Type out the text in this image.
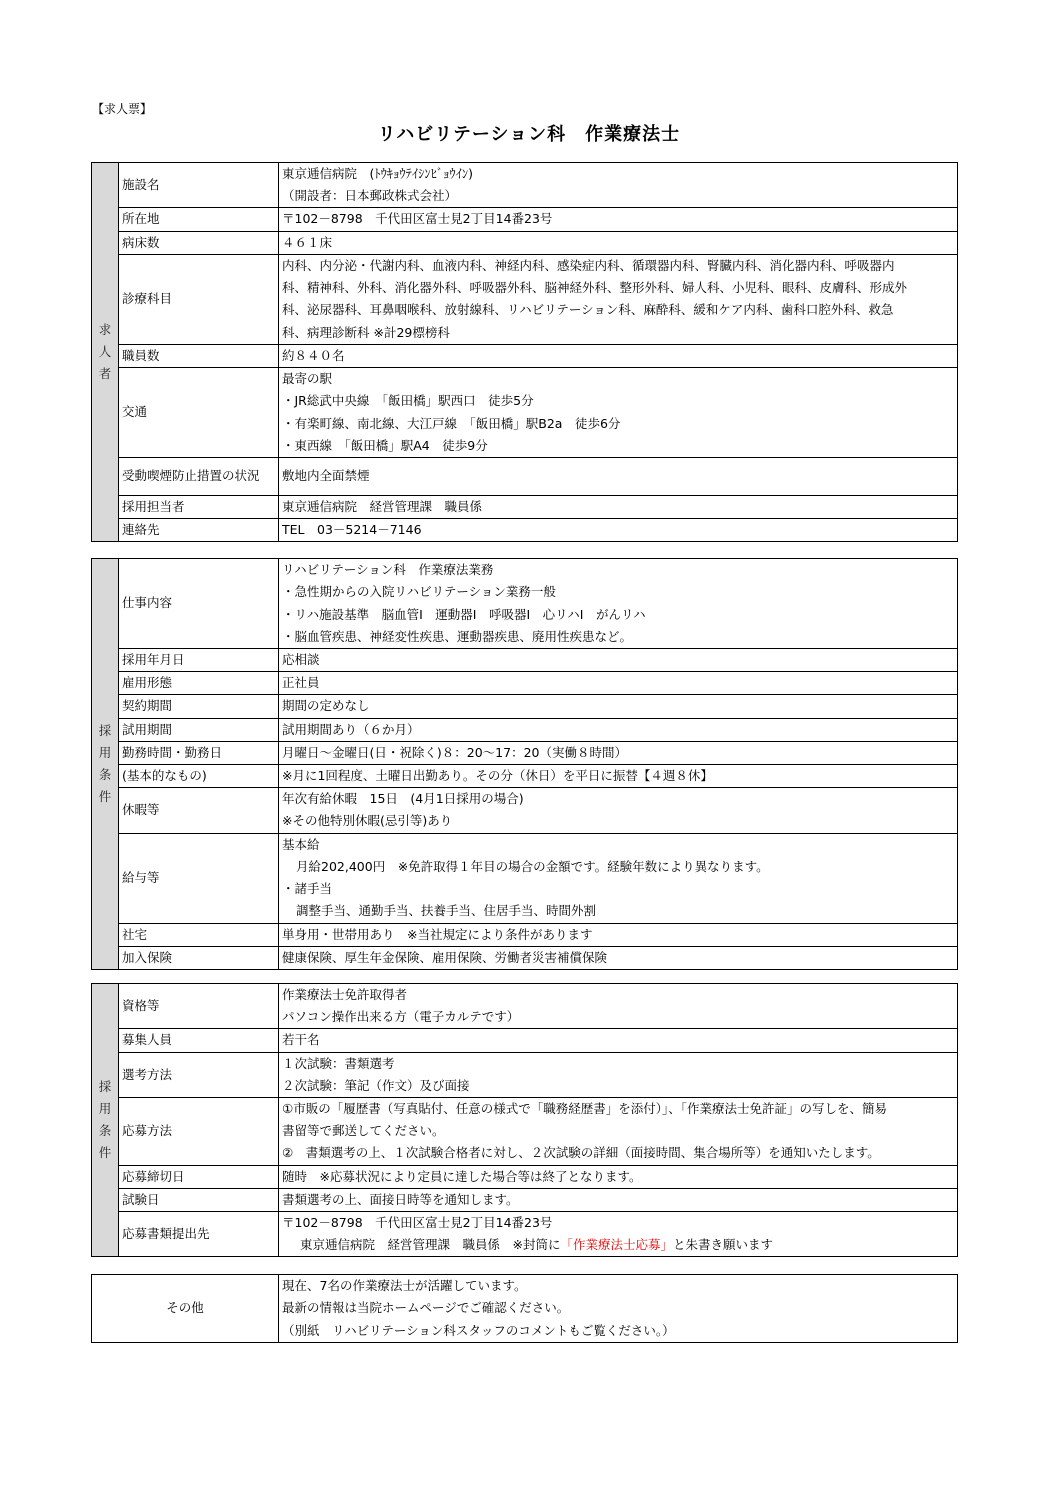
【求人票】
リハビリテーション科　作業療法士
求人者	施設名	東京逓信病院　(ﾄｳｷｮｳﾃｲｼﾝﾋﾞｮｳｲﾝ)
（開設者：日本郵政株式会社）

	所在地	〒102－8798　千代田区富士見2丁目14番23号

	病床数	４６１床

	診療科目	内科、内分泌・代謝内科、血液内科、神経内科、感染症内科、循環器内科、腎臓内科、消化器内科、呼吸器内
科、精神科、外科、消化器外科、呼吸器外科、脳神経外科、整形外科、婦人科、小児科、眼科、皮膚科、形成外
科、泌尿器科、耳鼻咽喉科、放射線科、リハビリテーション科、麻酔科、緩和ケア内科、歯科口腔外科、救急
科、病理診断科 ※計29標榜科

	職員数	約８４０名

	交通	最寄の駅
・JR総武中央線　「飯田橋」駅西口　徒歩5分
・有楽町線、南北線、大江戸線　「飯田橋」駅B2a　徒歩6分
・東西線　「飯田橋」駅A4　徒歩9分

	受動喫煙防止措置の状況	敷地内全面禁煙

	採用担当者	東京逓信病院　経営管理課　職員係

	連絡先	TEL　03－5214－7146
採用条件	仕事内容	リハビリテーション科　作業療法業務
・急性期からの入院リハビリテーション業務一般
・リハ施設基準　脳血管Ⅰ　運動器Ⅰ　呼吸器Ⅰ　心リハⅠ　がんリハ
・脳血管疾患、神経変性疾患、運動器疾患、廃用性疾患など。

	採用年月日	応相談

	雇用形態	正社員

	契約期間	期間の定めなし

	試用期間	試用期間あり（６か月）

	勤務時間・勤務日	月曜日～金曜日(日・祝除く)８：20～17：20（実働８時間）

	(基本的なもの)	※月に1回程度、土曜日出勤あり。その分（休日）を平日に振替【４週８休】

	休暇等	年次有給休暇　15日　(4月1日採用の場合)
※その他特別休暇(忌引等)あり

	給与等	基本給
月給202,400円　※免許取得１年目の場合の金額です。経験年数により異なります。
・諸手当
調整手当、通勤手当、扶養手当、住居手当、時間外割

	社宅	単身用・世帯用あり　※当社規定により条件があります

	加入保険	健康保険、厚生年金保険、雇用保険、労働者災害補償保険
採用条件	資格等	作業療法士免許取得者
パソコン操作出来る方（電子カルテです）

	募集人員	若干名

	選考方法	１次試験：書類選考
２次試験：筆記（作文）及び面接

	応募方法	①市販の「履歴書（写真貼付、任意の様式で「職務経歴書」を添付）」、「作業療法士免許証」の写しを、簡易
書留等で郵送してください。
②　書類選考の上、１次試験合格者に対し、２次試験の詳細（面接時間、集合場所等）を通知いたします。

	応募締切日	随時　※応募状況により定員に達した場合等は終了となります。

	試験日	書類選考の上、面接日時等を通知します。

	応募書類提出先	〒102－8798　千代田区富士見2丁目14番23号
東京逓信病院　経営管理課　職員係　※封筒に「作業療法士応募」と朱書き願います
その他	
現在、7名の作業療法士が活躍しています。
最新の情報は当院ホームページでご確認ください。
（別紙　リハビリテーション科スタッフのコメントもご覧ください。）
